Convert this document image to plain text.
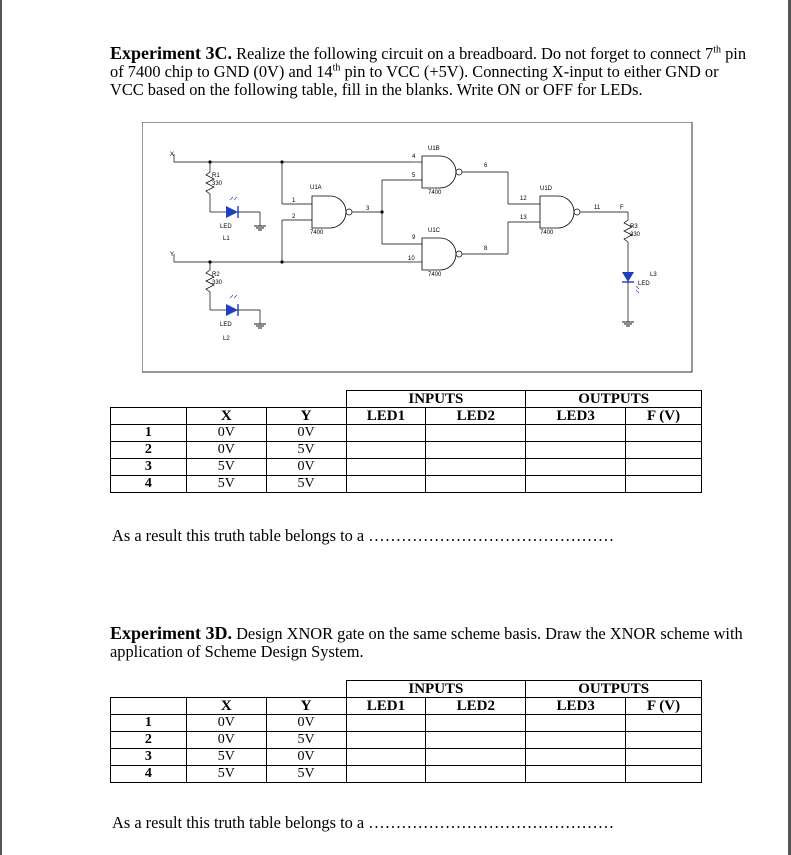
Experiment 3C. Realize the following circuit on a breadboard. Do not forget to connect 7th pin of 7400 chip to GND (0V) and 14th pin to VCC (+5V). Connecting X-input to either GND or VCC based on the following table, fill in the blanks. Write ON or OFF for LEDs.
X
Y
R1
330
LED
L1
R2
330
LED
L2
U1A
7400
1
2
3
U1B
7400
4
5
6
U1C
7400
9
10
8
U1D
7400
12
13
11	F
R3
330
L3
LED
			INPUTS		OUTPUTS	
	X	Y	LED1	LED2	LED3	F (V)
1	0V	0V				
2	0V	5V				
3	5V	0V				
4	5V	5V				
As a result this truth table belongs to a ………………………………………
Experiment 3D. Design XNOR gate on the same scheme basis. Draw the XNOR scheme with application of Scheme Design System.
			INPUTS		OUTPUTS	
	X	Y	LED1	LED2	LED3	F (V)
1	0V	0V				
2	0V	5V				
3	5V	0V				
4	5V	5V				
As a result this truth table belongs to a ………………………………………
